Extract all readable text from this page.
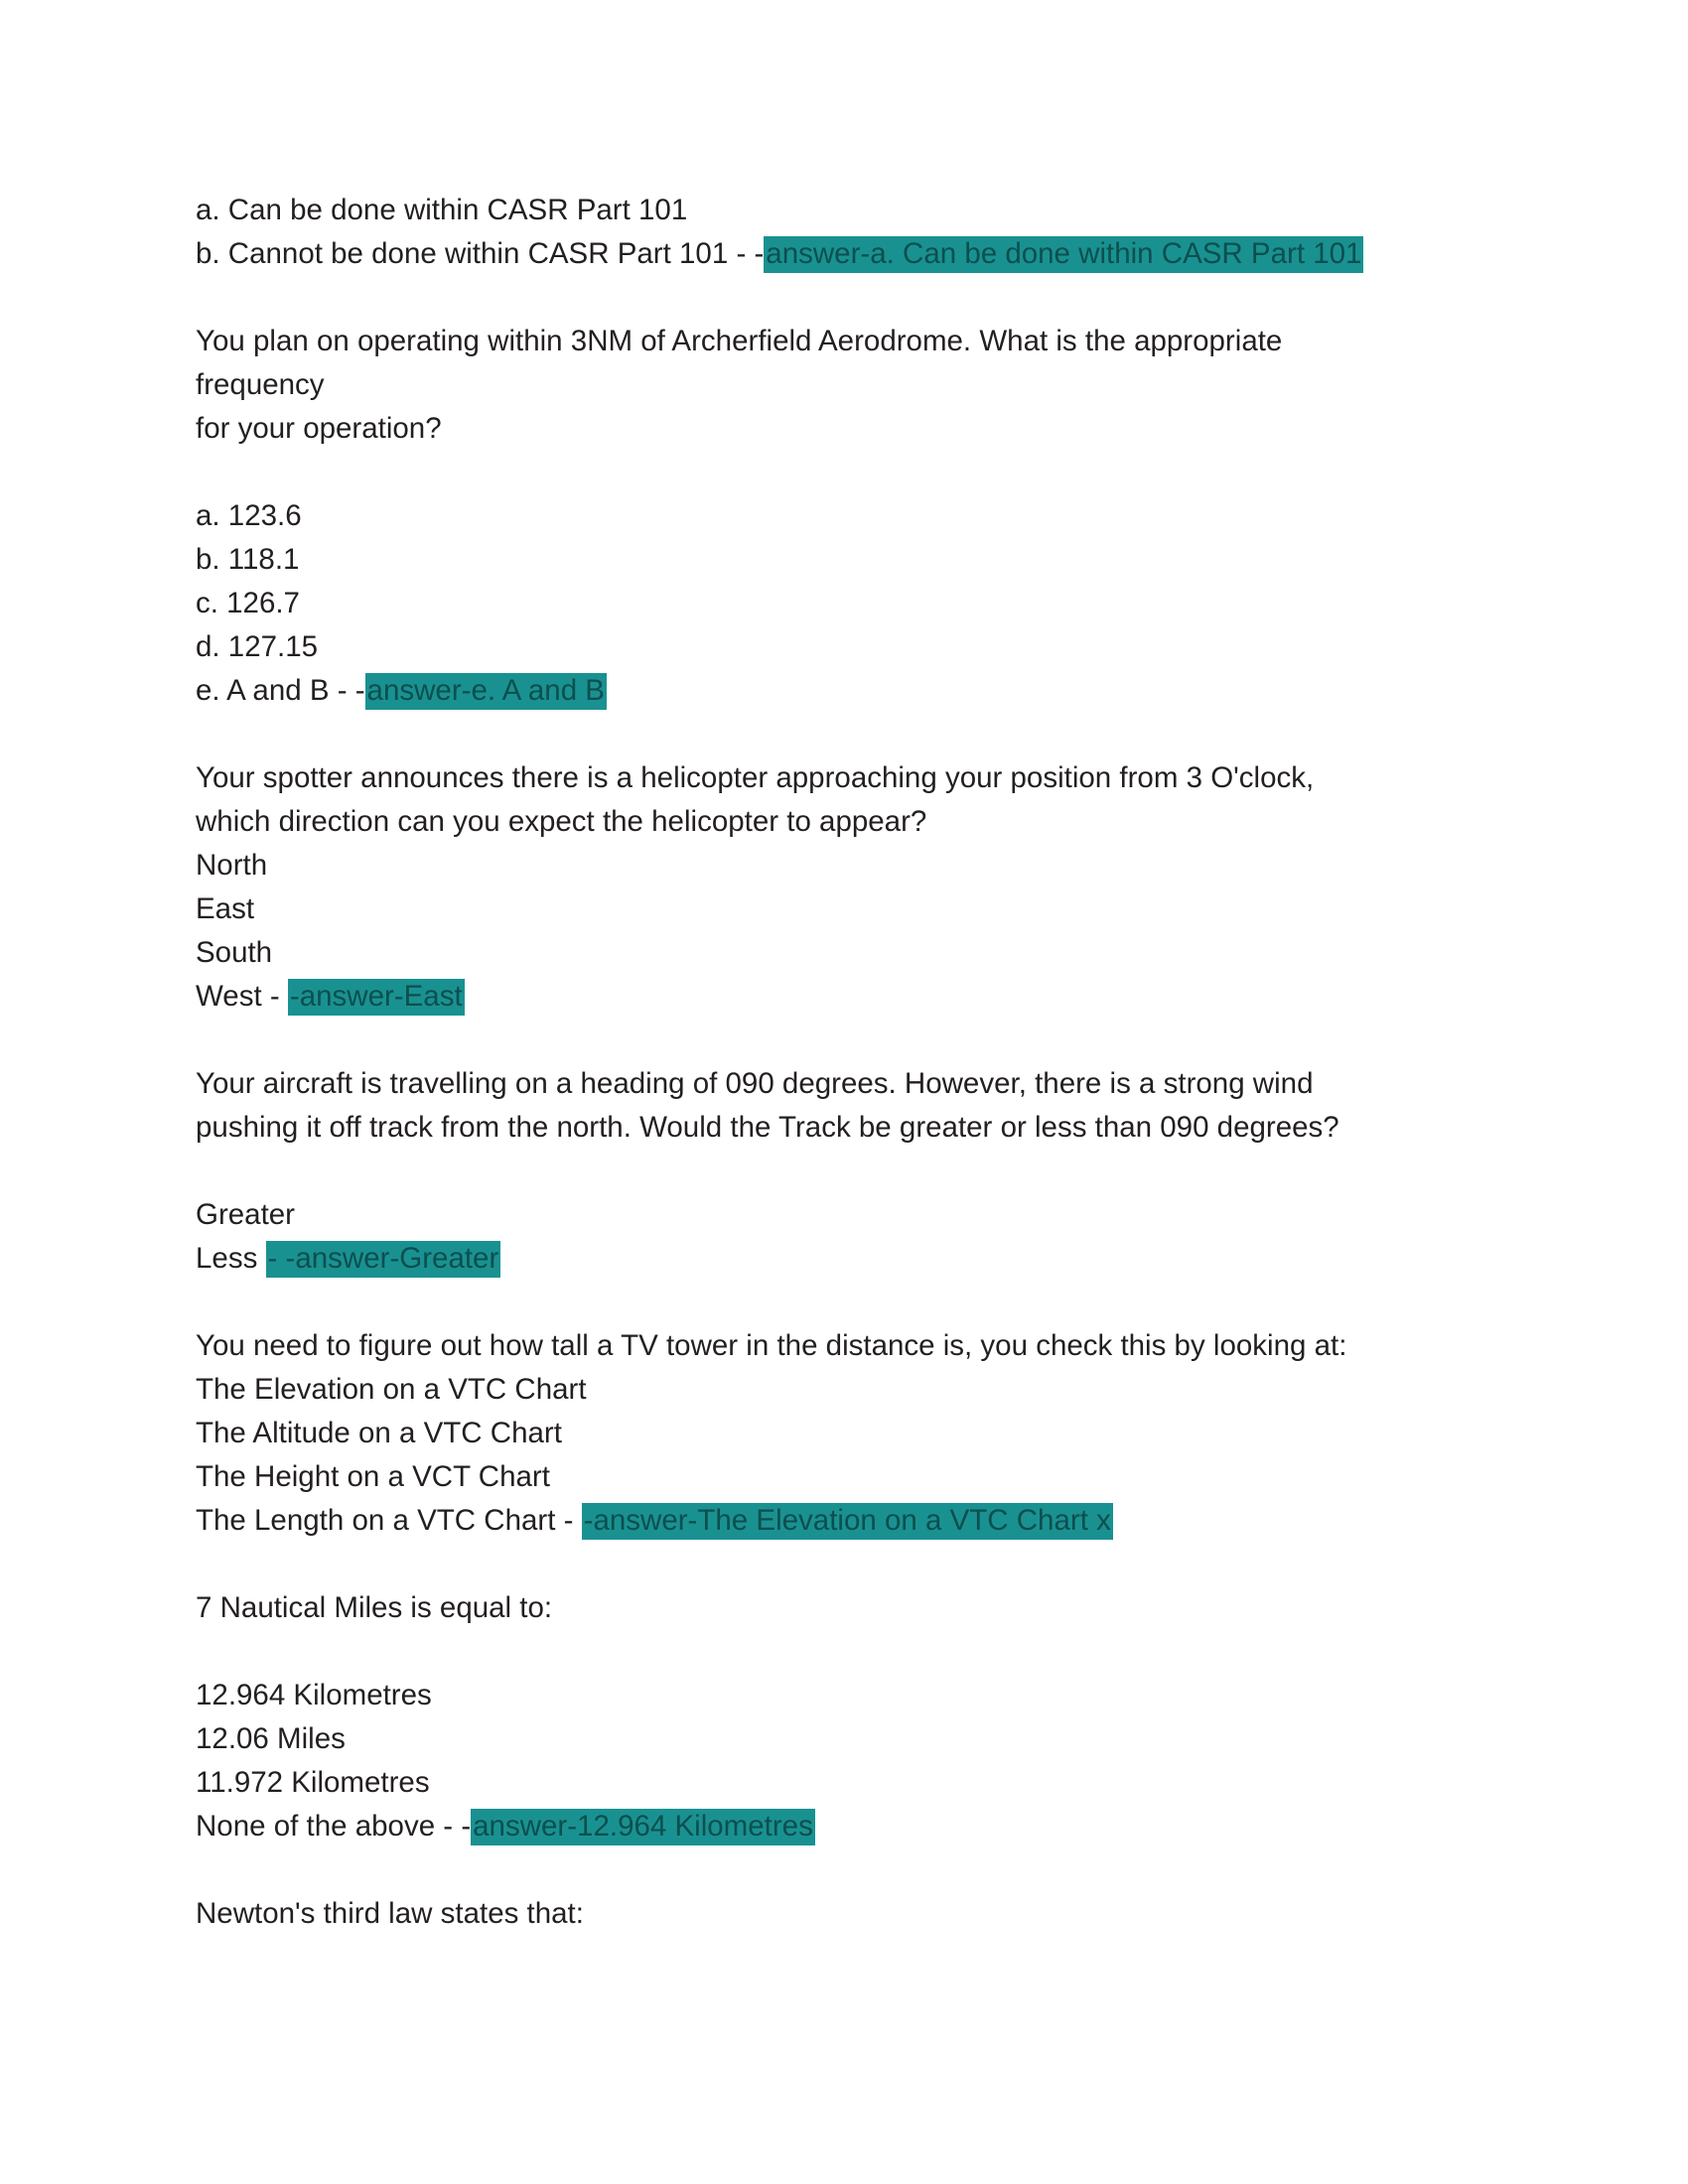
a. Can be done within CASR Part 101
b. Cannot be done within CASR Part 101 - -answer-a. Can be done within CASR Part 101
You plan on operating within 3NM of Archerfield Aerodrome. What is the appropriate
frequency
for your operation?
a. 123.6
b. 118.1
c. 126.7
d. 127.15
e. A and B - -answer-e. A and B
Your spotter announces there is a helicopter approaching your position from 3 O'clock,
which direction can you expect the helicopter to appear?
North
East
South
West - -answer-East
Your aircraft is travelling on a heading of 090 degrees. However, there is a strong wind
pushing it off track from the north. Would the Track be greater or less than 090 degrees?
Greater
Less - -answer-Greater
You need to figure out how tall a TV tower in the distance is, you check this by looking at:
The Elevation on a VTC Chart
The Altitude on a VTC Chart
The Height on a VCT Chart
The Length on a VTC Chart - -answer-The Elevation on a VTC Chart x
7 Nautical Miles is equal to:
12.964 Kilometres
12.06 Miles
11.972 Kilometres
None of the above - -answer-12.964 Kilometres
Newton's third law states that:
